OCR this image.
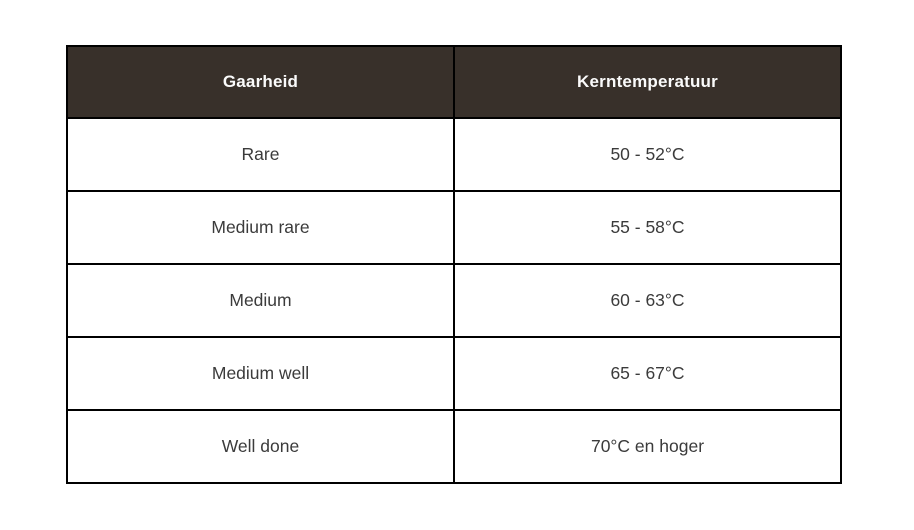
Gaarheid	Kerntemperatuur
Rare	50 - 52°C
Medium rare	55 - 58°C
Medium	60 - 63°C
Medium well	65 - 67°C
Well done	70°C en hoger
